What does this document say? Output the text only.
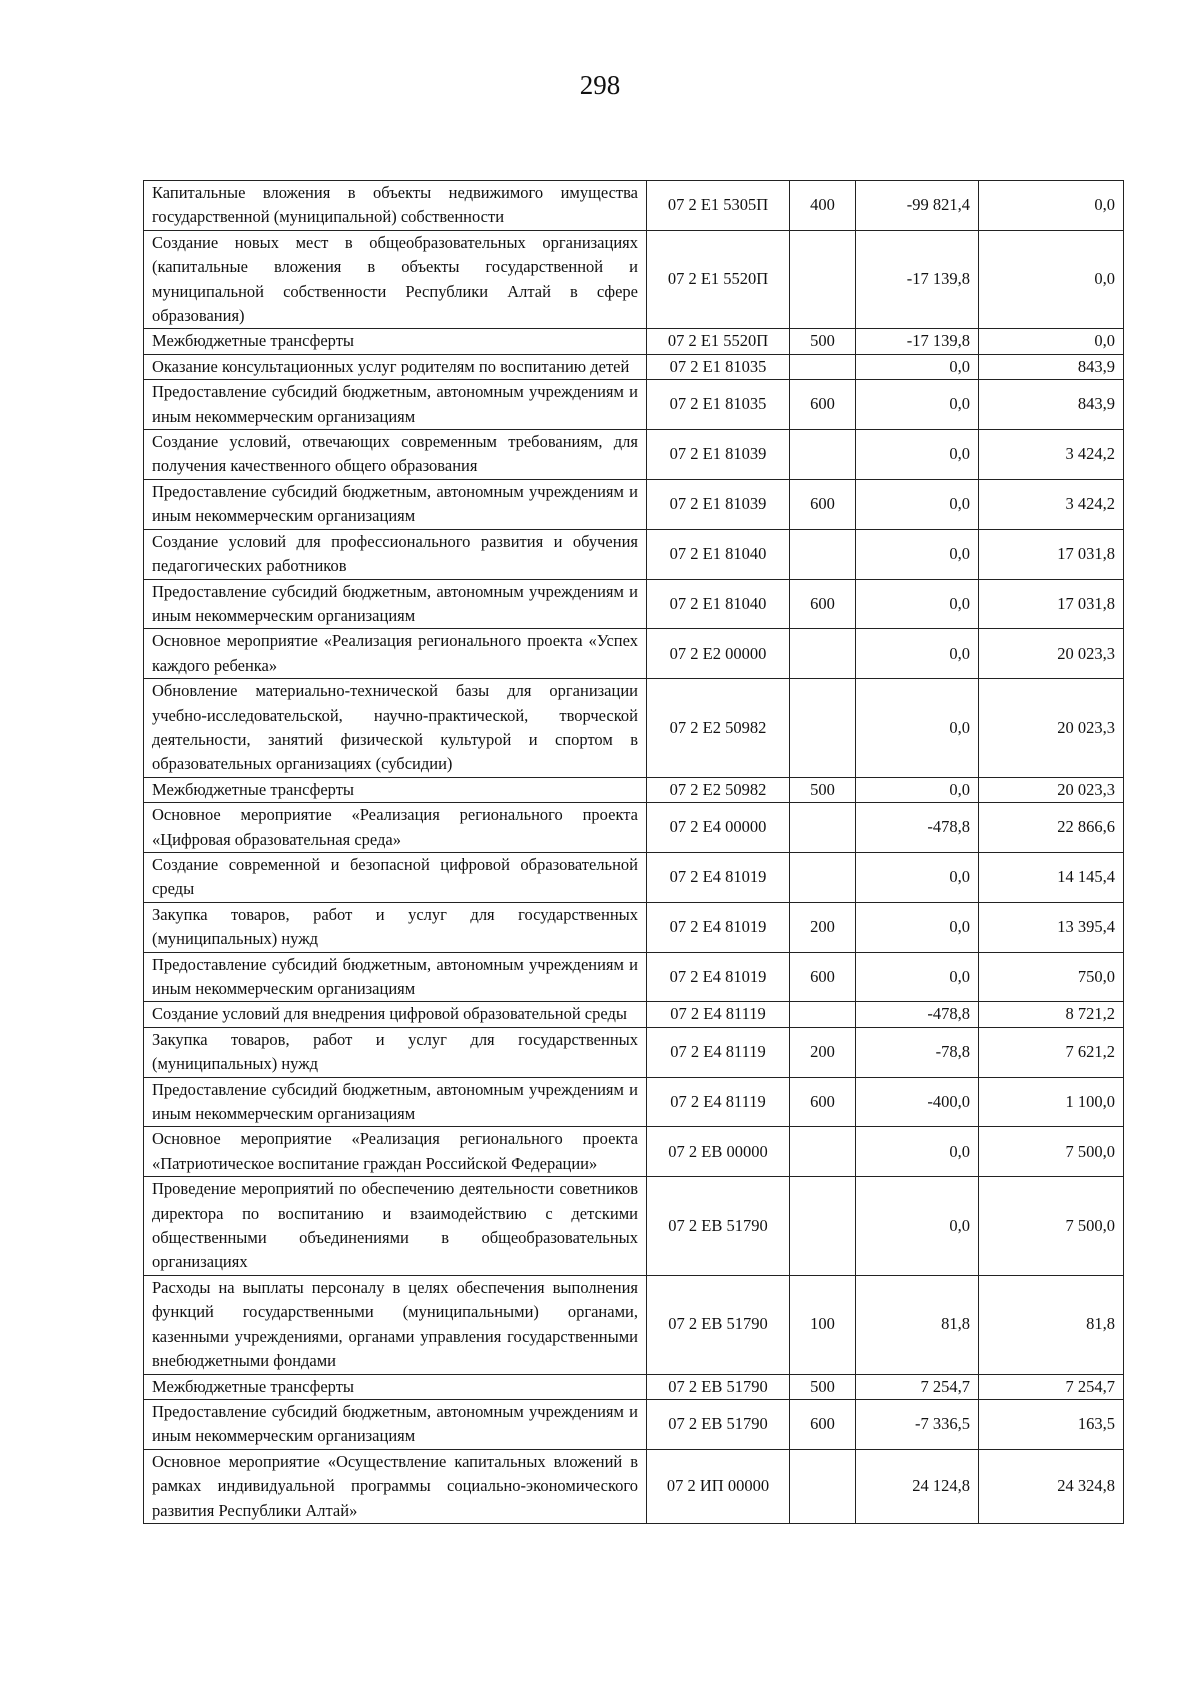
298
Капитальные вложения в объекты недвижимого имущества государственной (муниципальной) собственности	07 2 E1 5305П	400	-99 821,4	0,0
Создание новых мест в общеобразовательных организациях (капитальные вложения в объекты государственной и муниципальной собственности Республики Алтай в сфере образования)	07 2 E1 5520П		-17 139,8	0,0
Межбюджетные трансферты	07 2 E1 5520П	500	-17 139,8	0,0
Оказание консультационных услуг родителям по воспитанию детей	07 2 E1 81035		0,0	843,9
Предоставление субсидий бюджетным, автономным учреждениям и иным некоммерческим организациям	07 2 E1 81035	600	0,0	843,9
Создание условий, отвечающих современным требованиям, для получения качественного общего образования	07 2 E1 81039		0,0	3 424,2
Предоставление субсидий бюджетным, автономным учреждениям и иным некоммерческим организациям	07 2 E1 81039	600	0,0	3 424,2
Создание условий для профессионального развития и обучения педагогических работников	07 2 E1 81040		0,0	17 031,8
Предоставление субсидий бюджетным, автономным учреждениям и иным некоммерческим организациям	07 2 E1 81040	600	0,0	17 031,8
Основное мероприятие «Реализация регионального проекта «Успех каждого ребенка»	07 2 E2 00000		0,0	20 023,3
Обновление материально-технической базы для организации учебно-исследовательской, научно-практической, творческой деятельности, занятий физической культурой и спортом в образовательных организациях (субсидии)	07 2 E2 50982		0,0	20 023,3
Межбюджетные трансферты	07 2 E2 50982	500	0,0	20 023,3
Основное мероприятие «Реализация регионального проекта «Цифровая образовательная среда»	07 2 E4 00000		-478,8	22 866,6
Создание современной и безопасной цифровой образовательной среды	07 2 E4 81019		0,0	14 145,4
Закупка товаров, работ и услуг для государственных (муниципальных) нужд	07 2 E4 81019	200	0,0	13 395,4
Предоставление субсидий бюджетным, автономным учреждениям и иным некоммерческим организациям	07 2 E4 81019	600	0,0	750,0
Создание условий для внедрения цифровой образовательной среды	07 2 E4 81119		-478,8	8 721,2
Закупка товаров, работ и услуг для государственных (муниципальных) нужд	07 2 E4 81119	200	-78,8	7 621,2
Предоставление субсидий бюджетным, автономным учреждениям и иным некоммерческим организациям	07 2 E4 81119	600	-400,0	1 100,0
Основное мероприятие «Реализация регионального проекта «Патриотическое воспитание граждан Российской Федерации»	07 2 EВ 00000		0,0	7 500,0
Проведение мероприятий по обеспечению деятельности советников директора по воспитанию и взаимодействию с детскими общественными объединениями в общеобразовательных организациях	07 2 EВ 51790		0,0	7 500,0
Расходы на выплаты персоналу в целях обеспечения выполнения функций государственными (муниципальными) органами, казенными учреждениями, органами управления государственными внебюджетными фондами	07 2 EВ 51790	100	81,8	81,8
Межбюджетные трансферты	07 2 EВ 51790	500	7 254,7	7 254,7
Предоставление субсидий бюджетным, автономным учреждениям и иным некоммерческим организациям	07 2 EВ 51790	600	-7 336,5	163,5
Основное мероприятие «Осуществление капитальных вложений в рамках индивидуальной программы социально-экономического развития Республики Алтай»	07 2 ИП 00000		24 124,8	24 324,8
